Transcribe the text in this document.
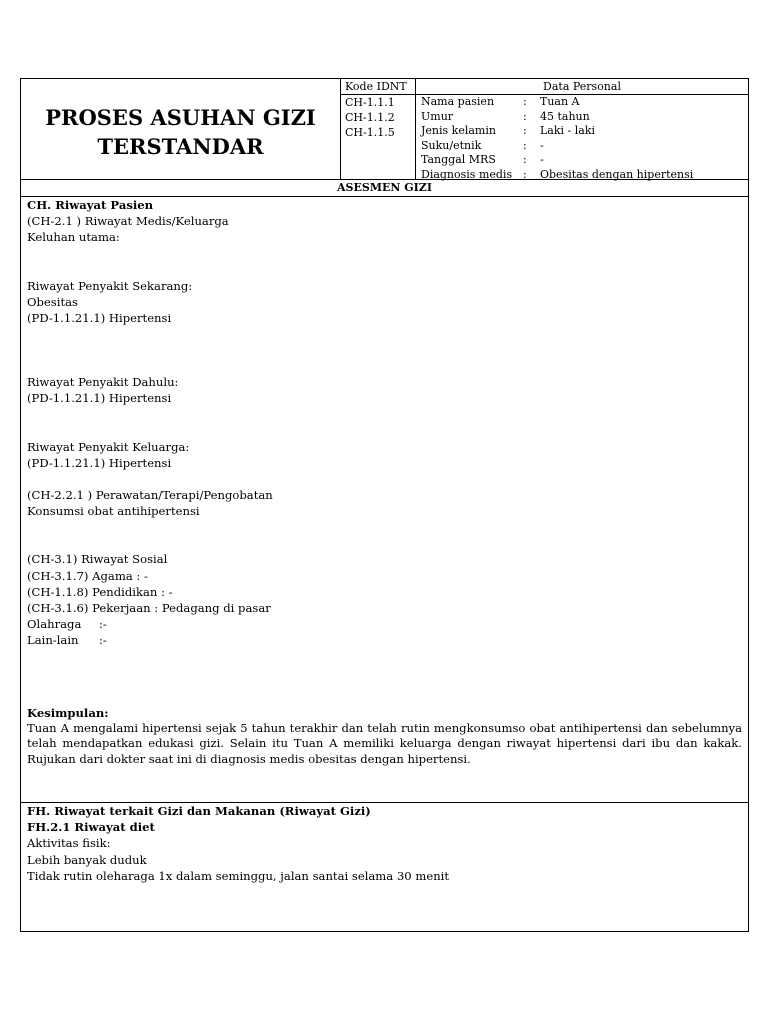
PROSES ASUHAN GIZI
TERSTANDAR
Kode IDNT
CH-1.1.1
CH-1.1.2
CH-1.1.5
Data Personal
Nama pasien	:	Tuan A
Umur	:	45 tahun
Jenis kelamin	:	Laki - laki
Suku/etnik	:	-
Tanggal MRS	:	-
Diagnosis medis :	Obesitas dengan hipertensi
ASESMEN GIZI

CH. Riwayat Pasien

(CH-2.1 ) Riwayat Medis/Keluarga

Keluhan utama:

Riwayat Penyakit Sekarang:

Obesitas

(PD-1.1.21.1) Hipertensi

Riwayat Penyakit Dahulu:

(PD-1.1.21.1) Hipertensi

Riwayat Penyakit Keluarga:

(PD-1.1.21.1) Hipertensi

(CH-2.2.1 ) Perawatan/Terapi/Pengobatan

Konsumsi obat antihipertensi

(CH-3.1) Riwayat Sosial

(CH-3.1.7) Agama : -

(CH-1.1.8) Pendidikan : -

(CH-3.1.6) Pekerjaan : Pedagang di pasar

Olahraga :-

Lain-lain :-

Kesimpulan:

Tuan A mengalami hipertensi sejak 5 tahun terakhir dan telah rutin mengkonsumso obat antihipertensi dan sebelumnya telah mendapatkan edukasi gizi. Selain itu Tuan A memiliki keluarga dengan riwayat hipertensi dari ibu dan kakak. Rujukan dari dokter saat ini di diagnosis medis obesitas dengan hipertensi.

FH. Riwayat terkait Gizi dan Makanan (Riwayat Gizi)

FH.2.1 Riwayat diet

Aktivitas fisik:

Lebih banyak duduk

Tidak rutin oleharaga 1x dalam seminggu, jalan santai selama 30 menit
